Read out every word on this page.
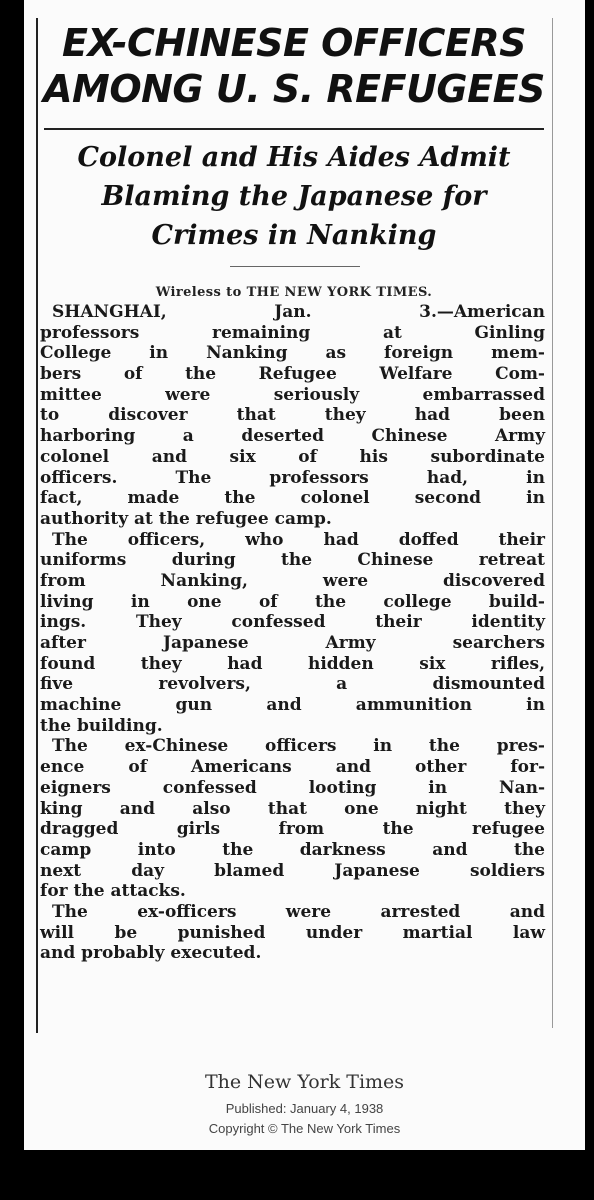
EX-CHINESE OFFICERS
AMONG U. S. REFUGEES
Colonel and His Aides Admit
Blaming the Japanese for
Crimes in Nanking
Wireless to THE NEW YORK TIMES.
SHANGHAI, Jan. 3.—American
professors remaining at Ginling
College in Nanking as foreign mem-
bers of the Refugee Welfare Com-
mittee were seriously embarrassed
to discover that they had been
harboring a deserted Chinese Army
colonel and six of his subordinate
officers. The professors had, in
fact, made the colonel second in
authority at the refugee camp.
The officers, who had doffed their
uniforms during the Chinese retreat
from Nanking, were discovered
living in one of the college build-
ings. They confessed their identity
after Japanese Army searchers
found they had hidden six rifles,
five revolvers, a dismounted
machine gun and ammunition in
the building.
The ex-Chinese officers in the pres-
ence of Americans and other for-
eigners confessed looting in Nan-
king and also that one night they
dragged girls from the refugee
camp into the darkness and the
next day blamed Japanese soldiers
for the attacks.
The ex-officers were arrested and
will be punished under martial law
and probably executed.
The New York Times
Published: January 4, 1938
Copyright © The New York Times
